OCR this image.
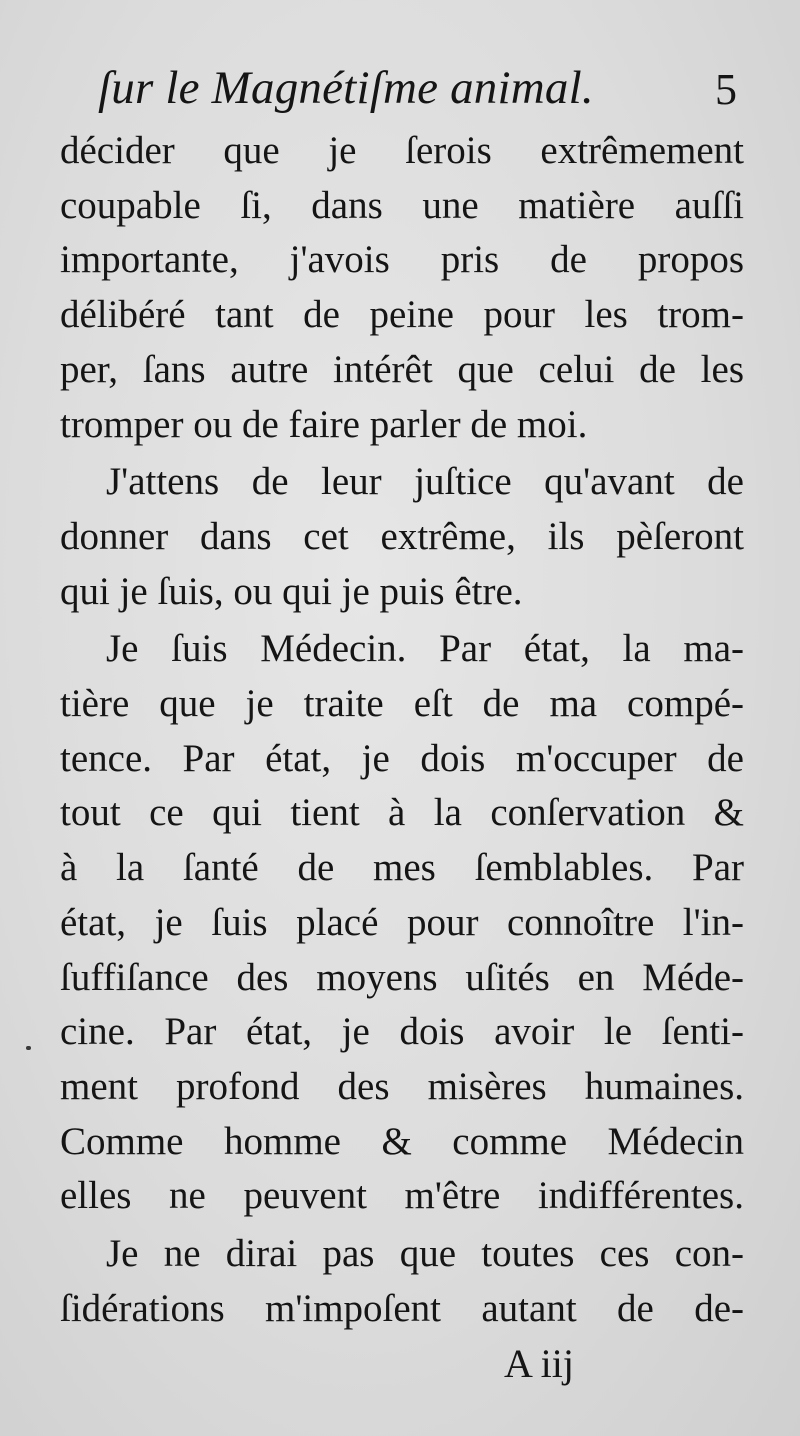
ſur le Magnétiſme animal.	5

décider que je ſerois extrêmement
coupable ſi, dans une matière auſſi
importante, j'avois pris de propos
délibéré tant de peine pour les trom-
per, ſans autre intérêt que celui de les
tromper ou de faire parler de moi.

J'attens de leur juſtice qu'avant de
donner dans cet extrême, ils pèſeront
qui je ſuis, ou qui je puis être.

Je ſuis Médecin. Par état, la ma-
tière que je traite eſt de ma compé-
tence. Par état, je dois m'occuper de
tout ce qui tient à la conſervation &
à la ſanté de mes ſemblables. Par
état, je ſuis placé pour connoître l'in-
ſuffiſance des moyens uſités en Méde-
cine. Par état, je dois avoir le ſenti-
ment profond des misères humaines.
Comme homme & comme Médecin
elles ne peuvent m'être indifférentes.

Je ne dirai pas que toutes ces con-
ſidérations m'impoſent autant de de-

A iij
